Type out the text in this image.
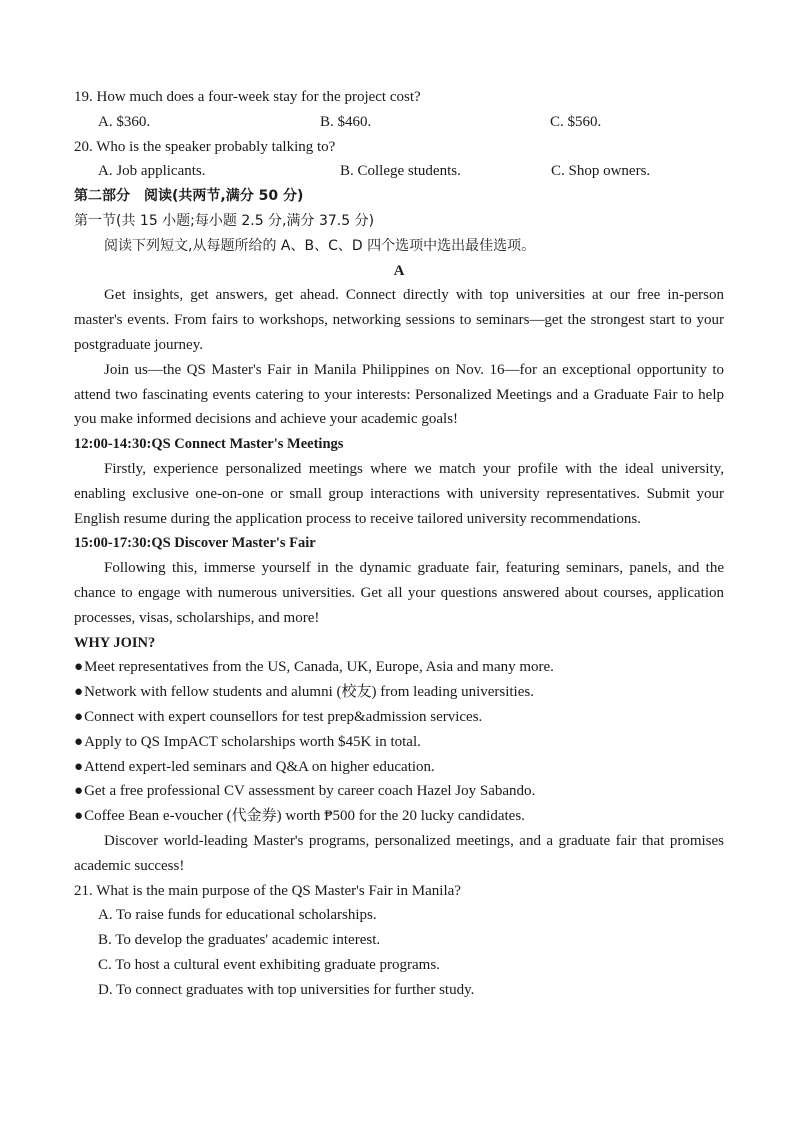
19. How much does a four-week stay for the project cost?
A. $360.	B. $460.	C. $560.
20. Who is the speaker probably talking to?
A. Job applicants.	B. College students.	C. Shop owners.
第二部分　阅读(共两节,满分 50 分)
第一节(共 15 小题;每小题 2.5 分,满分 37.5 分)
阅读下列短文,从每题所给的 A、B、C、D 四个选项中选出最佳选项。
A

Get insights, get answers, get ahead. Connect directly with top universities at our free in-person master's events. From fairs to workshops, networking sessions to seminars—get the strongest start to your postgraduate journey.

Join us—the QS Master's Fair in Manila Philippines on Nov. 16—for an exceptional opportunity to attend two fascinating events catering to your interests: Personalized Meetings and a Graduate Fair to help you make informed decisions and achieve your academic goals!

12:00-14:30:QS Connect Master's Meetings

Firstly, experience personalized meetings where we match your profile with the ideal university, enabling exclusive one-on-one or small group interactions with university representatives. Submit your English resume during the application process to receive tailored university recommendations.

15:00-17:30:QS Discover Master's Fair

Following this, immerse yourself in the dynamic graduate fair, featuring seminars, panels, and the chance to engage with numerous universities. Get all your questions answered about courses, application processes, visas, scholarships, and more!

WHY JOIN?
● Meet representatives from the US, Canada, UK, Europe, Asia and many more.
● Network with fellow students and alumni (校友) from leading universities.
● Connect with expert counsellors for test prep&admission services.
● Apply to QS ImpACT scholarships worth $45K in total.
● Attend expert-led seminars and Q&A on higher education.
● Get a free professional CV assessment by career coach Hazel Joy Sabando.
● Coffee Bean e-voucher (代金券) worth ₱500 for the 20 lucky candidates.

Discover world-leading Master's programs, personalized meetings, and a graduate fair that promises academic success!

21. What is the main purpose of the QS Master's Fair in Manila?
A. To raise funds for educational scholarships.
B. To develop the graduates' academic interest.
C. To host a cultural event exhibiting graduate programs.
D. To connect graduates with top universities for further study.
